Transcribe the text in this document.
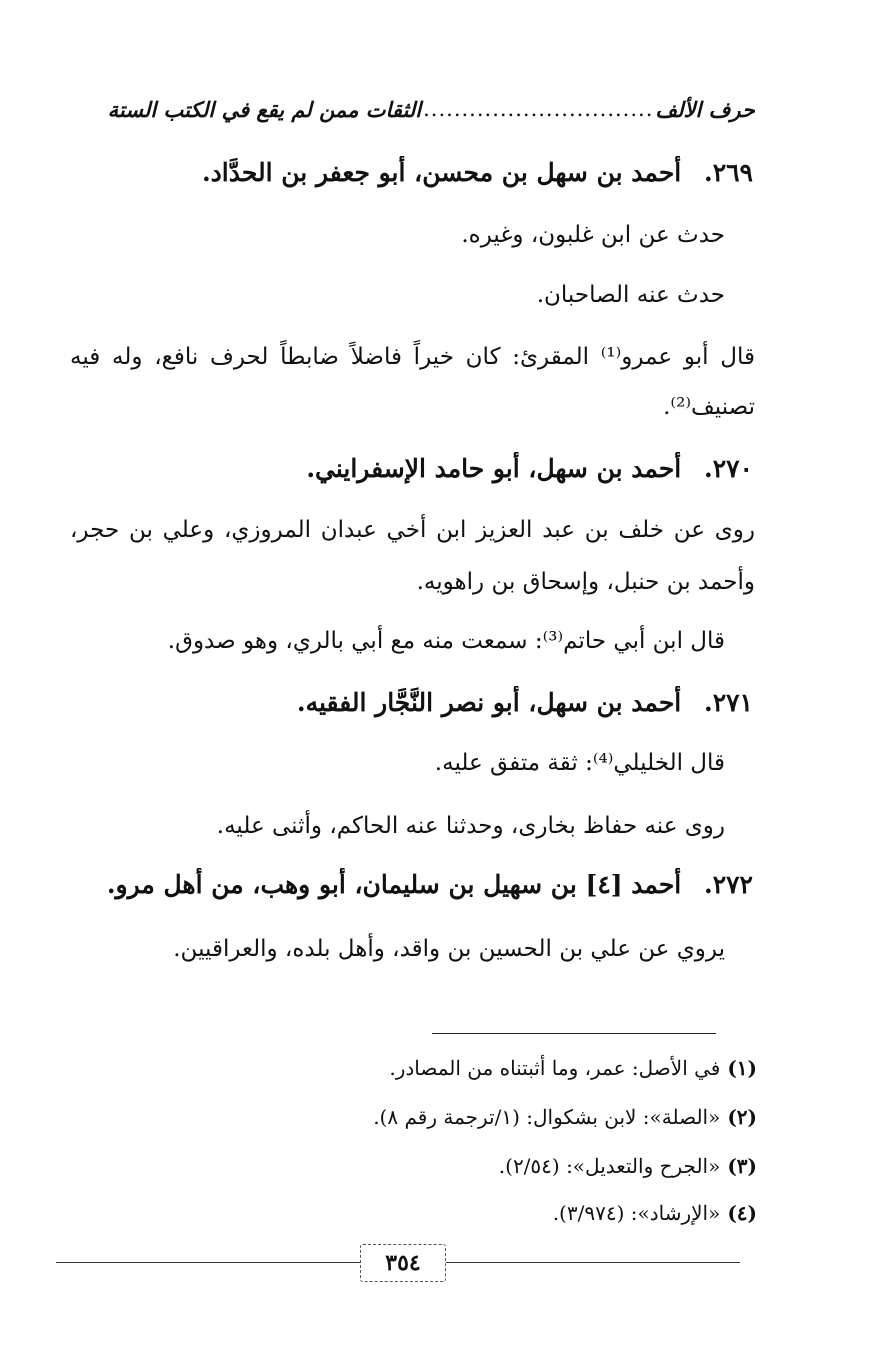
حرف الألف
..............................
الثقات ممن لم يقع في الكتب الستة
٢٦٩. أحمد بن سهل بن محسن، أبو جعفر بن الحدَّاد.
حدث عن ابن غلبون، وغيره.
حدث عنه الصاحبان.
قال أبو عمرو⁽¹⁾ المقرئ: كان خيراً فاضلاً ضابطاً لحرف نافع، وله فيه
تصنيف⁽²⁾.
٢٧٠. أحمد بن سهل، أبو حامد الإسفرايني.
روى عن خلف بن عبد العزيز ابن أخي عبدان المروزي، وعلي بن حجر،
وأحمد بن حنبل، وإسحاق بن راهويه.
قال ابن أبي حاتم⁽³⁾: سمعت منه مع أبي بالري، وهو صدوق.
٢٧١. أحمد بن سهل، أبو نصر النَّجَّار الفقيه.
قال الخليلي⁽⁴⁾: ثقة متفق عليه.
روى عنه حفاظ بخارى، وحدثنا عنه الحاكم، وأثنى عليه.
٢٧٢. أحمد [٤] بن سهيل بن سليمان، أبو وهب، من أهل مرو.
يروي عن علي بن الحسين بن واقد، وأهل بلده، والعراقيين.
(١) في الأصل: عمر، وما أثبتناه من المصادر.
(٢) «الصلة»: لابن بشكوال: (١/ترجمة رقم ٨).
(٣) «الجرح والتعديل»: (٢/٥٤).
(٤) «الإرشاد»: (٣/٩٧٤).
٣٥٤
